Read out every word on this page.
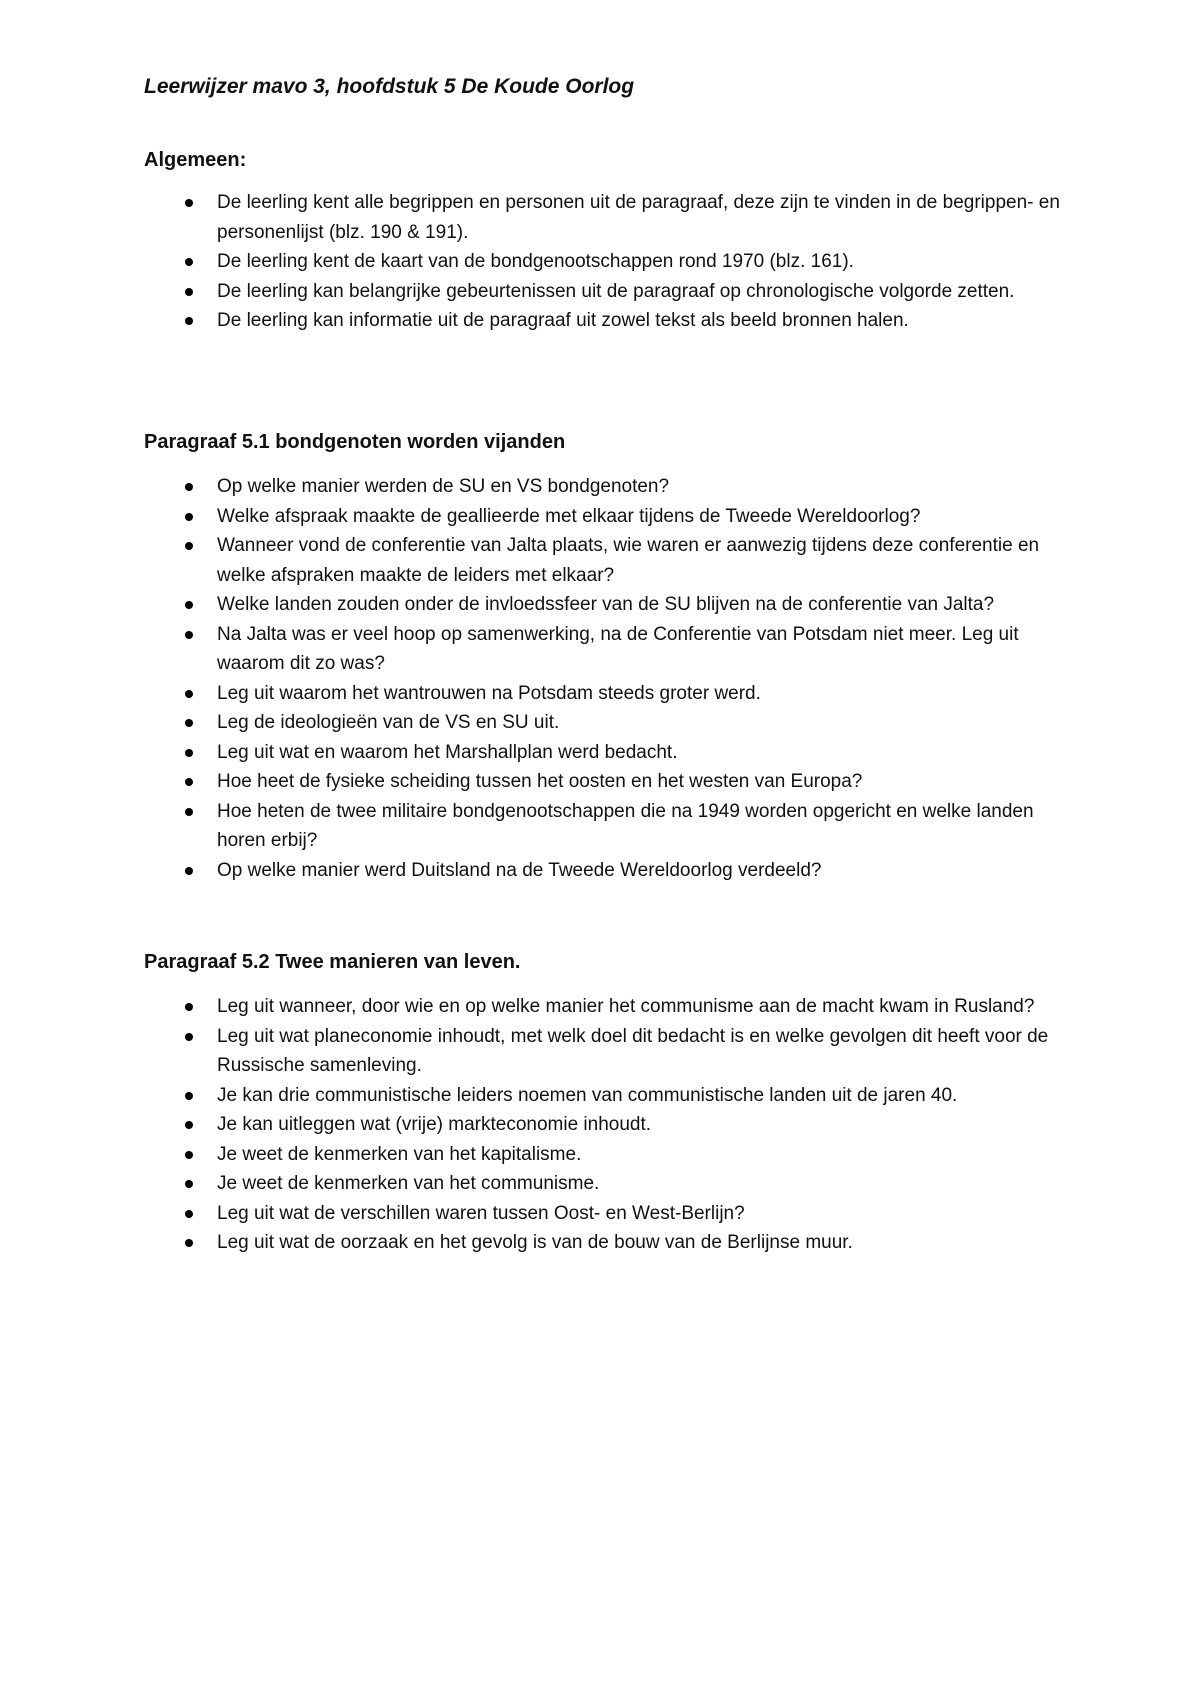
Leerwijzer mavo 3, hoofdstuk 5 De Koude Oorlog
Algemeen:
De leerling kent alle begrippen en personen uit de paragraaf, deze zijn te vinden in de begrippen- en personenlijst (blz. 190 & 191).
De leerling kent de kaart van de bondgenootschappen rond 1970 (blz. 161).
De leerling kan belangrijke gebeurtenissen uit de paragraaf op chronologische volgorde zetten.
De leerling kan informatie uit de paragraaf uit zowel tekst als beeld bronnen halen.
Paragraaf 5.1 bondgenoten worden vijanden
Op welke manier werden de SU en VS bondgenoten?
Welke afspraak maakte de geallieerde met elkaar tijdens de Tweede Wereldoorlog?
Wanneer vond de conferentie van Jalta plaats, wie waren er aanwezig tijdens deze conferentie en welke afspraken maakte de leiders met elkaar?
Welke landen zouden onder de invloedssfeer van de SU blijven na de conferentie van Jalta?
Na Jalta was er veel hoop op samenwerking, na de Conferentie van Potsdam niet meer. Leg uit waarom dit zo was?
Leg uit waarom het wantrouwen na Potsdam steeds groter werd.
Leg de ideologieën van de VS en SU uit.
Leg uit wat en waarom het Marshallplan werd bedacht.
Hoe heet de fysieke scheiding tussen het oosten en het westen van Europa?
Hoe heten de twee militaire bondgenootschappen die na 1949 worden opgericht en welke landen horen erbij?
Op welke manier werd Duitsland na de Tweede Wereldoorlog verdeeld?
Paragraaf 5.2 Twee manieren van leven.
Leg uit wanneer, door wie en op welke manier het communisme aan de macht kwam in Rusland?
Leg uit wat planeconomie inhoudt, met welk doel dit bedacht is en welke gevolgen dit heeft voor de Russische samenleving.
Je kan drie communistische leiders noemen van communistische landen uit de jaren 40.
Je kan uitleggen wat (vrije) markteconomie inhoudt.
Je weet de kenmerken van het kapitalisme.
Je weet de kenmerken van het communisme.
Leg uit wat de verschillen waren tussen Oost- en West-Berlijn?
Leg uit wat de oorzaak en het gevolg is van de bouw van de Berlijnse muur.
